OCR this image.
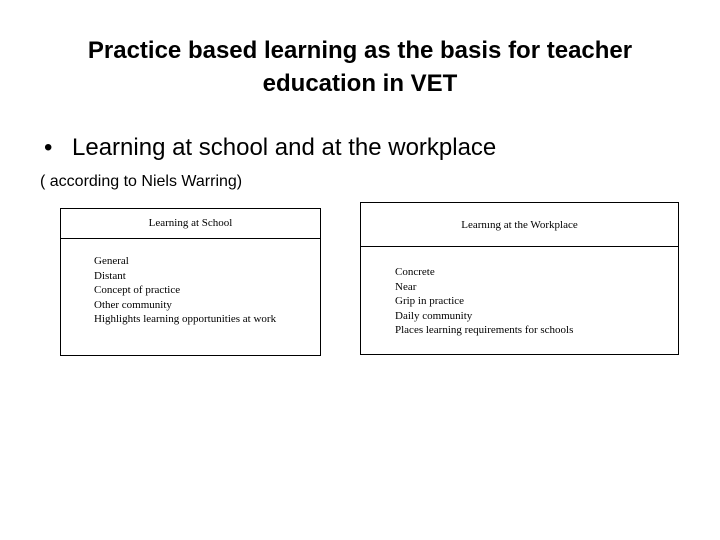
Practice based learning as the basis for teacher
education in VET
• Learning at school and at the workplace
( according to Niels Warring)
Learning at School
General
Distant
Concept of practice
Other community
Highlights learning opportunities at work
Learnıng at the Workplace
Concrete
Near
Grip in practice
Daily community
Places learning requirements for schools
